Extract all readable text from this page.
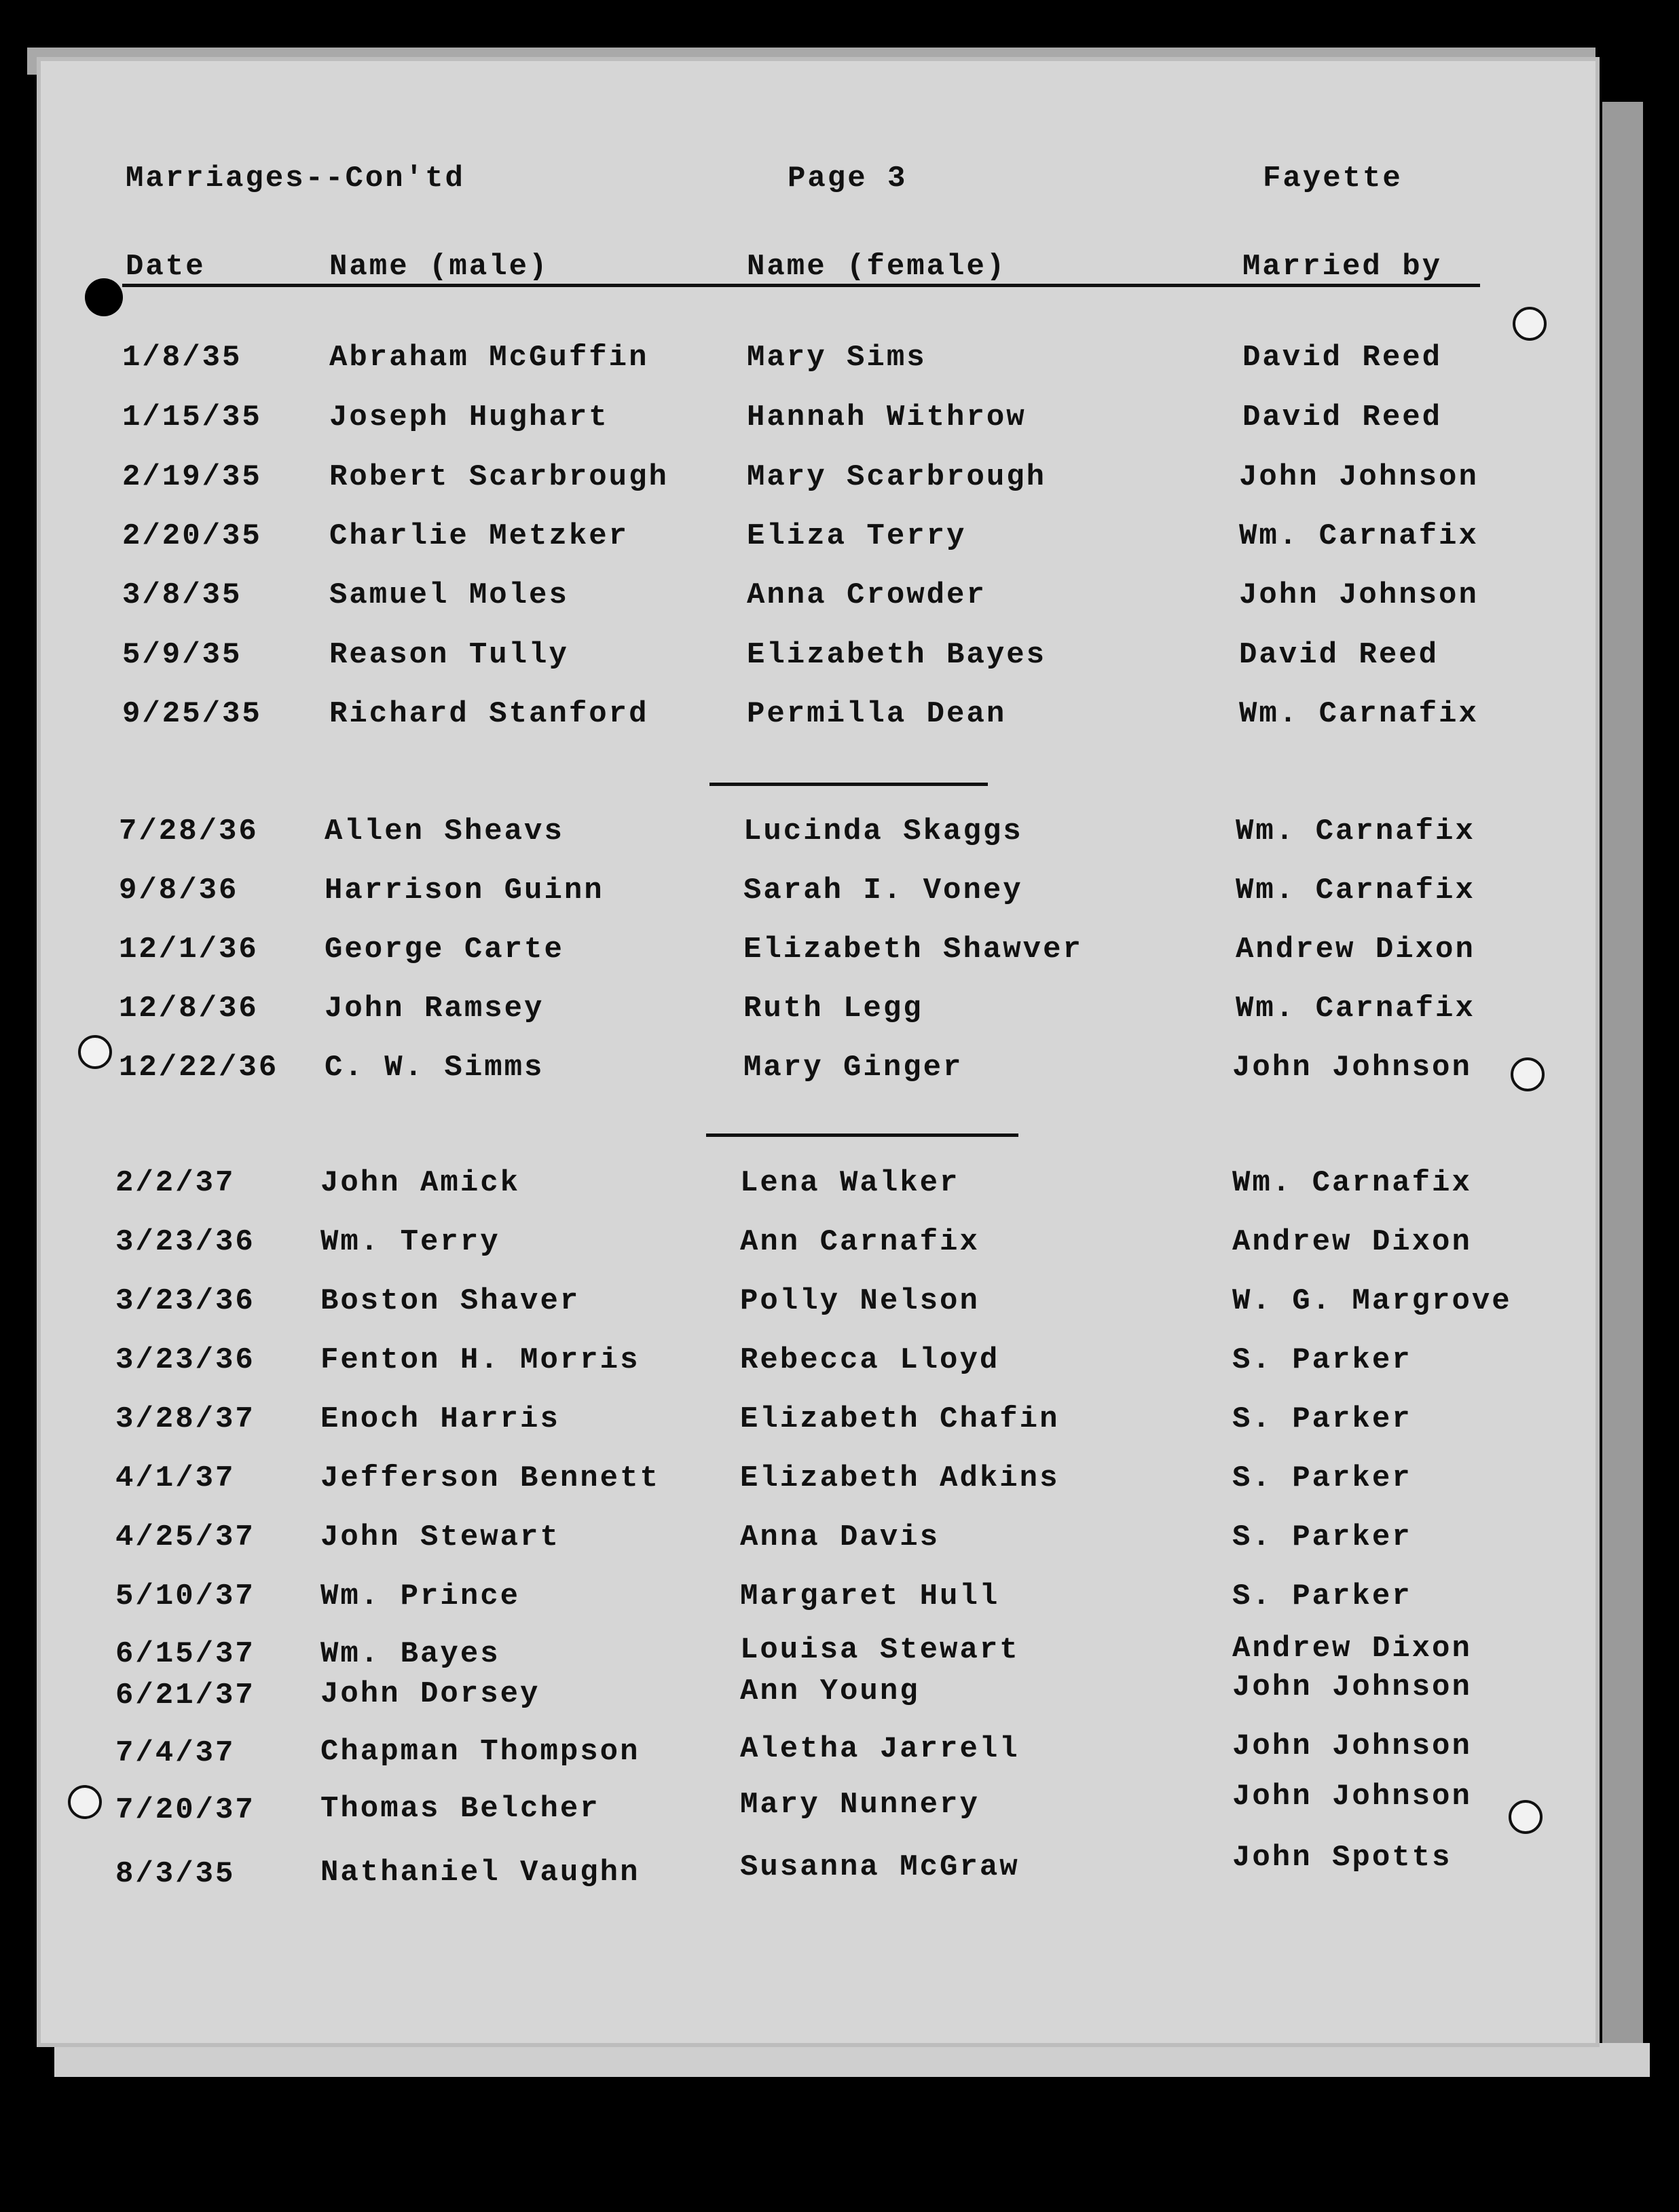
Marriages--Con'td	Page 3	Fayette
Date	Name (male)	Name (female)	Married by
1/8/35	Abraham McGuffin	Mary Sims	David Reed
1/15/35 Joseph Hughart	Hannah Withrow	David Reed
2/19/35 Robert Scarbrough	Mary Scarbrough	John Johnson
2/20/35 Charlie Metzker	Eliza Terry	Wm. Carnafix
3/8/35	Samuel Moles	Anna Crowder	John Johnson
5/9/35	Reason Tully	Elizabeth Bayes	David Reed
9/25/35 Richard Stanford	Permilla Dean	Wm. Carnafix
7/28/36 Allen Sheavs	Lucinda Skaggs	Wm. Carnafix
9/8/36	Harrison Guinn	Sarah I. Voney	Wm. Carnafix
12/1/36 George Carte	Elizabeth Shawver	Andrew Dixon
12/8/36 John Ramsey	Ruth Legg	Wm. Carnafix
12/22/36 C. W. Simms	Mary Ginger	John Johnson
2/2/37	John Amick	Lena Walker	Wm. Carnafix
3/23/36 Wm. Terry	Ann Carnafix	Andrew Dixon
3/23/36 Boston Shaver	Polly Nelson	W. G. Margrove
3/23/36 Fenton H. Morris	Rebecca Lloyd	S. Parker
3/28/37 Enoch Harris	Elizabeth Chafin	S. Parker
4/1/37	Jefferson Bennett	Elizabeth Adkins	S. Parker
4/25/37 John Stewart	Anna Davis	S. Parker
5/10/37 Wm. Prince	Margaret Hull	S. Parker
6/15/37 Wm. Bayes	Louisa Stewart	Andrew Dixon
6/21/37 John Dorsey	Ann Young	John Johnson
7/4/37	Chapman Thompson	Aletha Jarrell	John Johnson
7/20/37 Thomas Belcher	Mary Nunnery	John Johnson
8/3/35	Nathaniel Vaughn	Susanna McGraw	John Spotts
